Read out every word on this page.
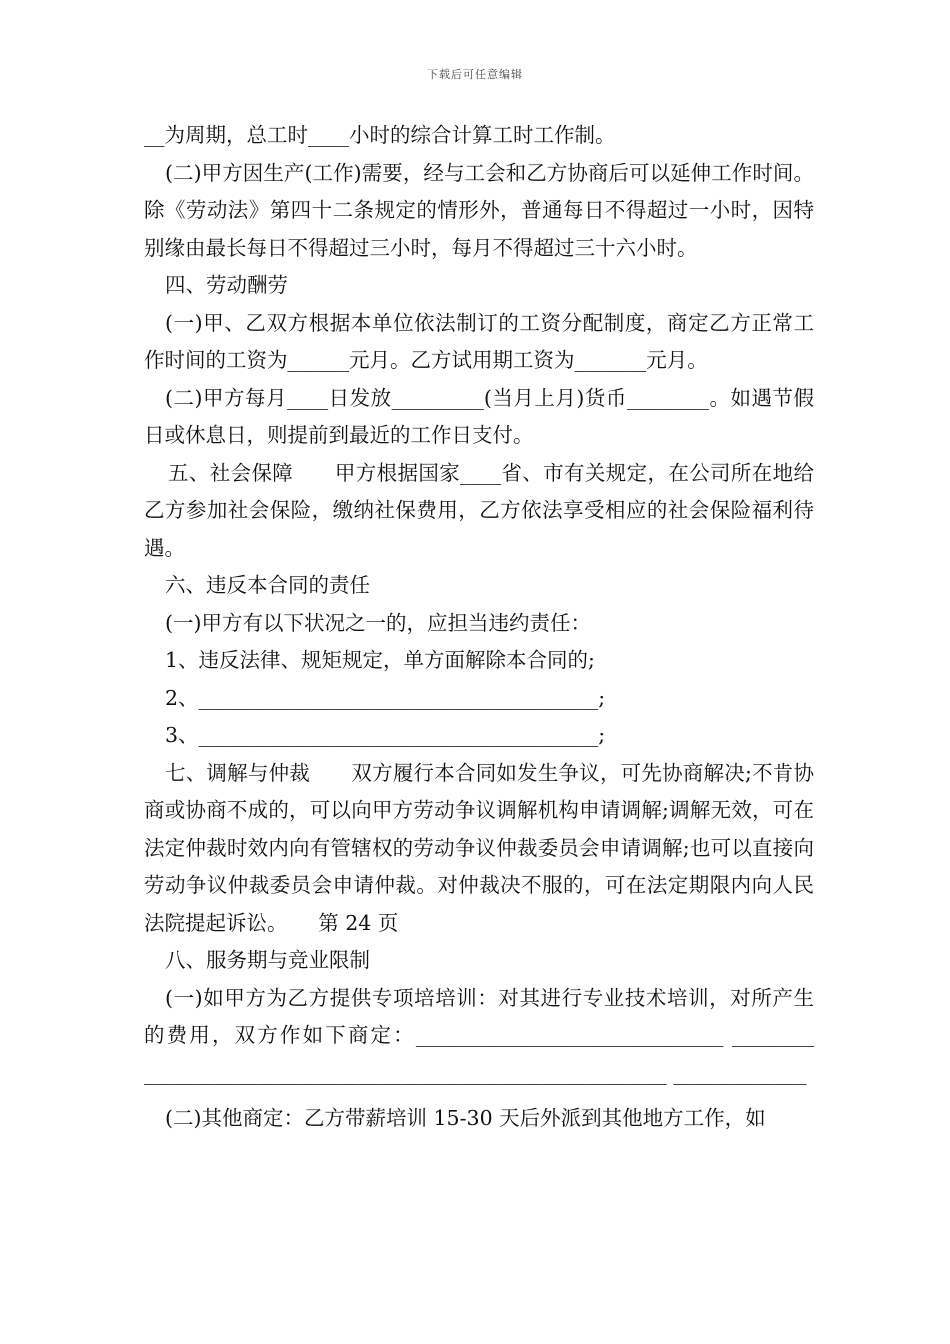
下载后可任意编辑

__为周期，总工时____小时的综合计算工时工作制。

(二)甲方因生产(工作)需要，经与工会和乙方协商后可以延伸工作时间。除《劳动法》第四十二条规定的情形外，普通每日不得超过一小时，因特别缘由最长每日不得超过三小时，每月不得超过三十六小时。

四、劳动酬劳

(一)甲、乙双方根据本单位依法制订的工资分配制度，商定乙方正常工作时间的工资为______元月。乙方试用期工资为_______元月。

(二)甲方每月____日发放_________(当月上月)货币________。如遇节假日或休息日，则提前到最近的工作日支付。

五、社会保障　　甲方根据国家____省、市有关规定，在公司所在地给乙方参加社会保险，缴纳社保费用，乙方依法享受相应的社会保险福利待遇。

六、违反本合同的责任

(一)甲方有以下状况之一的，应担当违约责任：

1、违反法律、规矩规定，单方面解除本合同的;

2、_______________________________________;

3、_______________________________________;

七、调解与仲裁　　双方履行本合同如发生争议，可先协商解决;不肯协商或协商不成的，可以向甲方劳动争议调解机构申请调解;调解无效，可在法定仲裁时效内向有管辖权的劳动争议仲裁委员会申请调解;也可以直接向劳动争议仲裁委员会申请仲裁。对仲裁决不服的，可在法定期限内向人民法院提起诉讼。　　第 24 页

八、服务期与竞业限制

(一)如甲方为乙方提供专项培培训：对其进行专业技术培训，对所产生的费用，双方作如下商定：______________________________ ________ ___________________________________________________ _____________

(二)其他商定：乙方带薪培训 15-30 天后外派到其他地方工作，如
